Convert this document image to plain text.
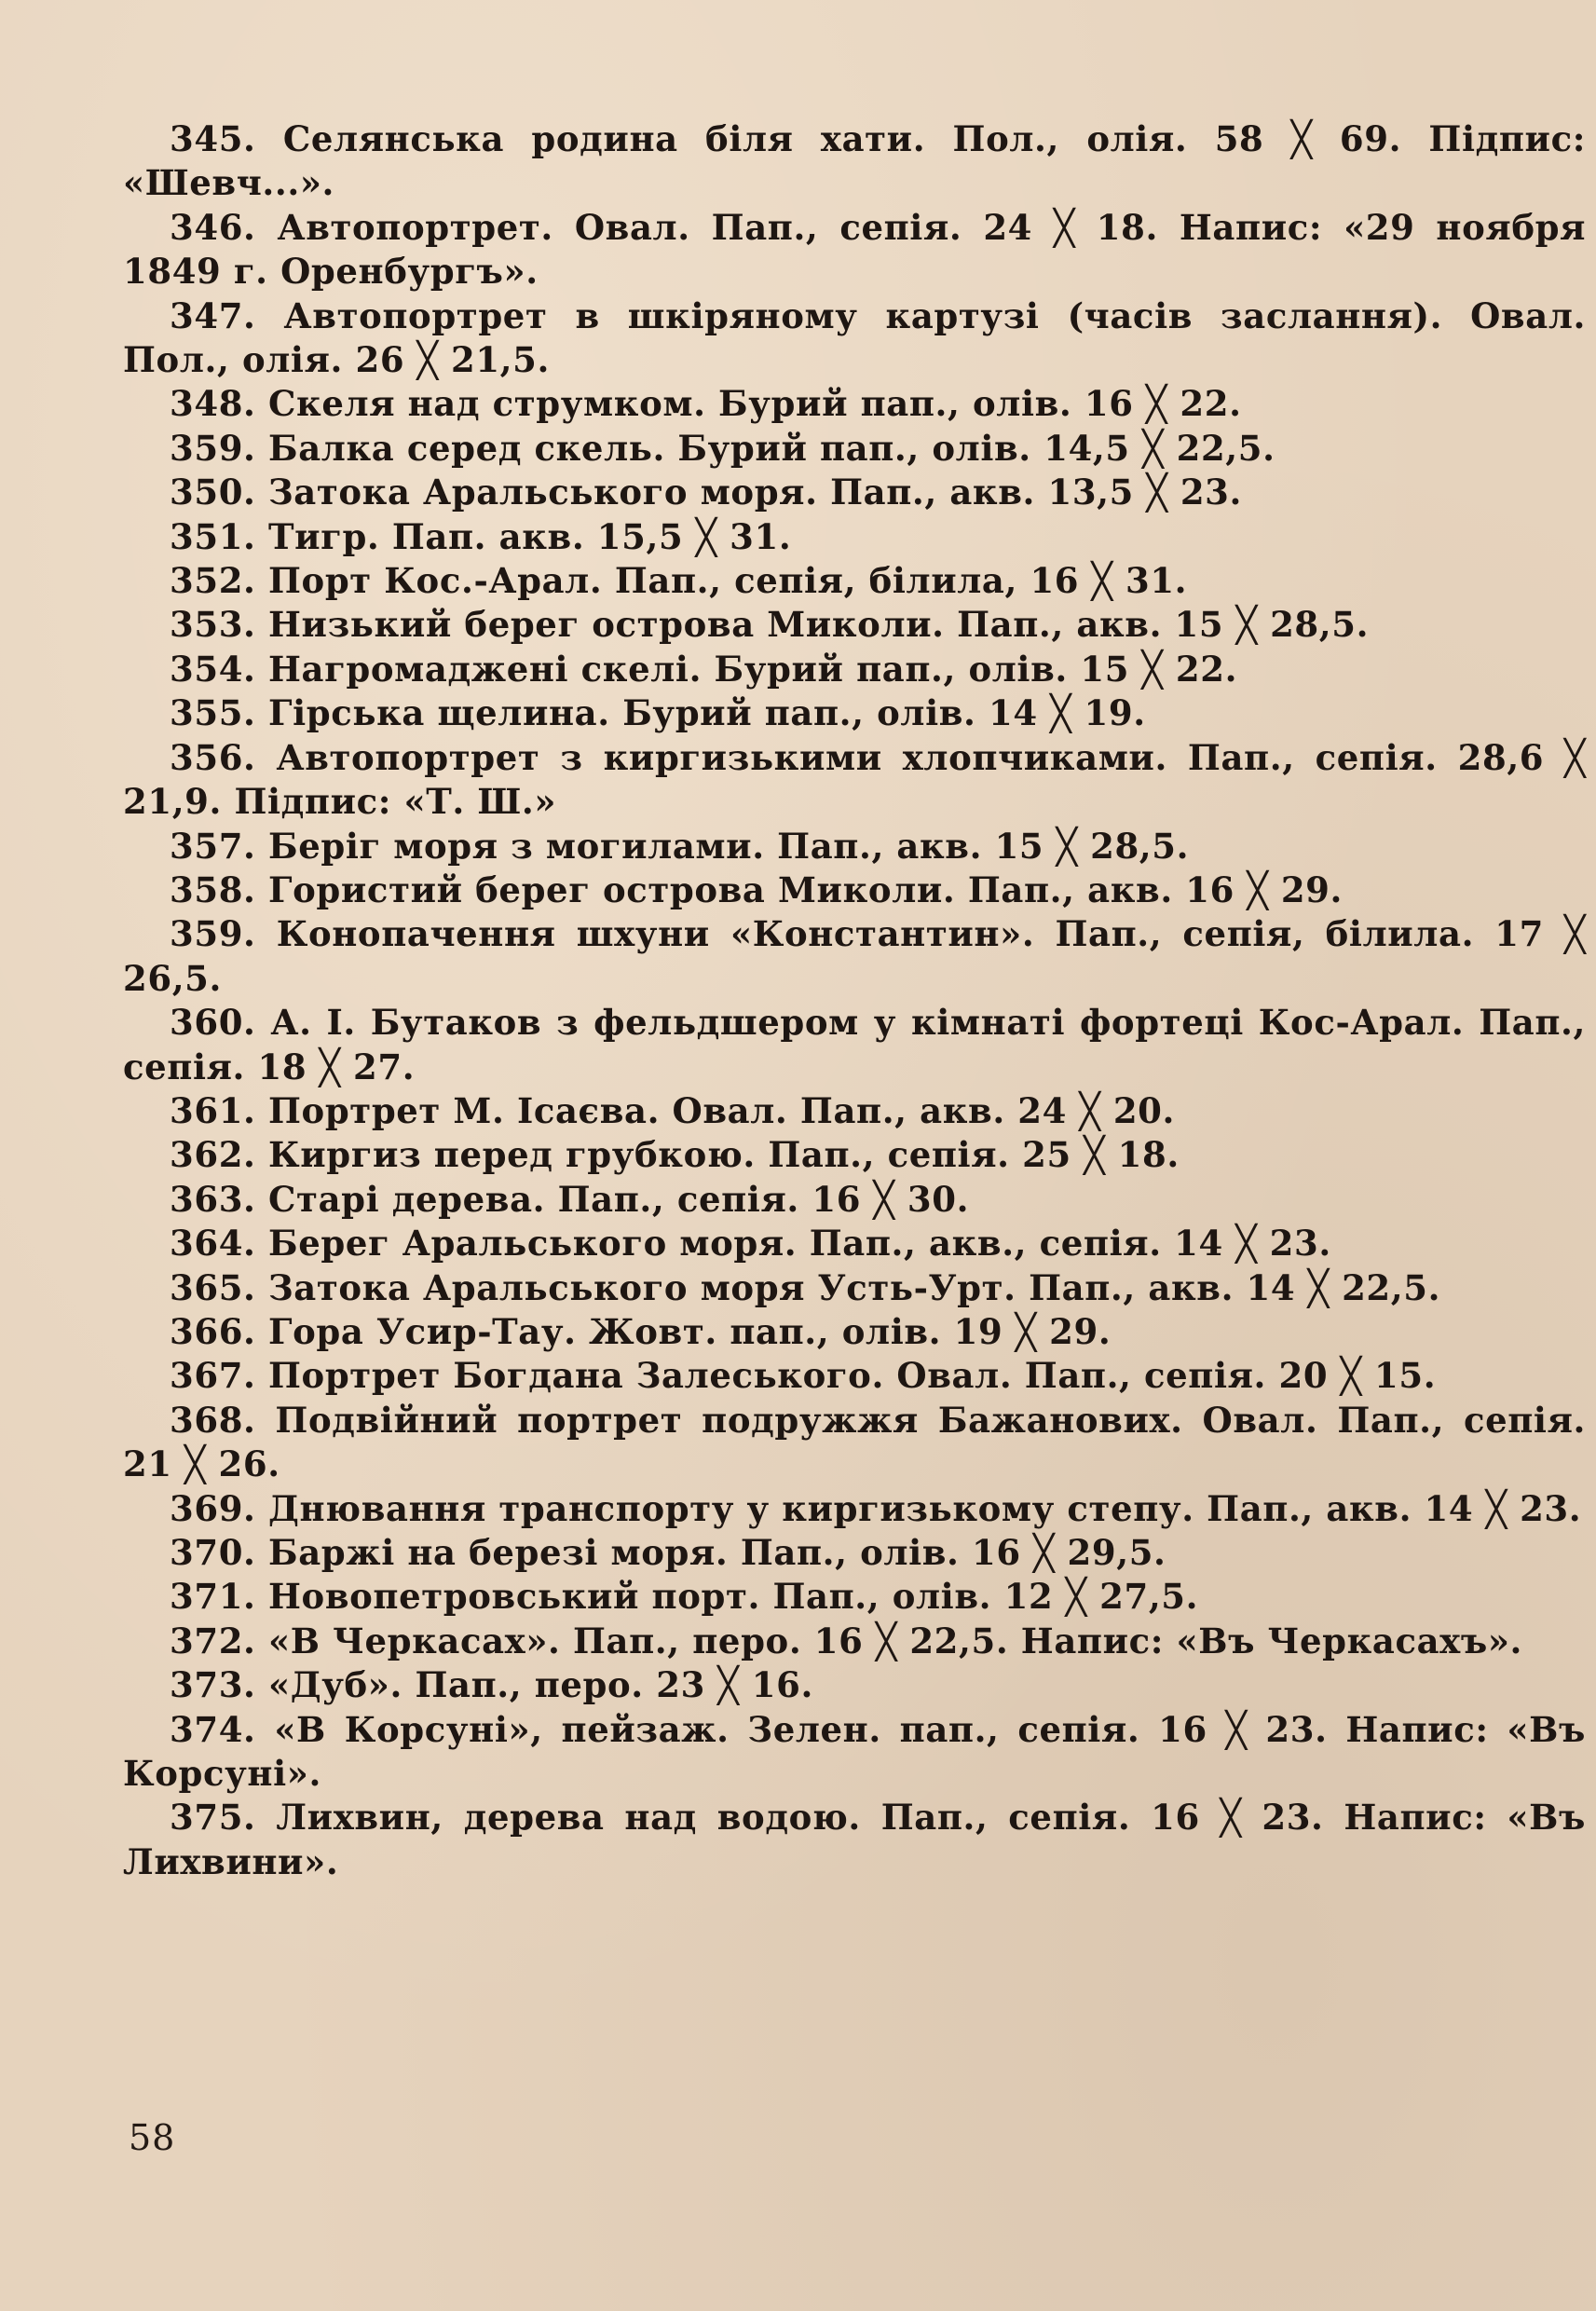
345. Селянська родина біля хати. Пол., олія. 58 ╳ 69. Підпис: «Шевч...».

346. Автопортрет. Овал. Пап., сепія. 24 ╳ 18. Напис: «29 ноября 1849 г. Оренбургъ».

347. Автопортрет в шкіряному картузі (часів заслання). Овал. Пол., олія. 26 ╳ 21,5.

348. Скеля над струмком. Бурий пап., олів. 16 ╳ 22.

359. Балка серед скель. Бурий пап., олів. 14,5 ╳ 22,5.

350. Затока Аральського моря. Пап., акв. 13,5 ╳ 23.

351. Тигр. Пап. акв. 15,5 ╳ 31.

352. Порт Кос.-Арал. Пап., сепія, білила, 16 ╳ 31.

353. Низький берег острова Миколи. Пап., акв. 15 ╳ 28,5.

354. Нагромаджені скелі. Бурий пап., олів. 15 ╳ 22.

355. Гірська щелина. Бурий пап., олів. 14 ╳ 19.

356. Автопортрет з киргизькими хлопчиками. Пап., сепія. 28,6 ╳ 21,9. Підпис: «Т. Ш.»

357. Беріг моря з могилами. Пап., акв. 15 ╳ 28,5.

358. Гористий берег острова Миколи. Пап., акв. 16 ╳ 29.

359. Конопачення шхуни «Константин». Пап., сепія, білила. 17 ╳ 26,5.

360. А. І. Бутаков з фельдшером у кімнаті фортеці Кос-Арал. Пап., сепія. 18 ╳ 27.

361. Портрет М. Ісаєва. Овал. Пап., акв. 24 ╳ 20.

362. Киргиз перед грубкою. Пап., сепія. 25 ╳ 18.

363. Старі дерева. Пап., сепія. 16 ╳ 30.

364. Берег Аральського моря. Пап., акв., сепія. 14 ╳ 23.

365. Затока Аральського моря Усть-Урт. Пап., акв. 14 ╳ 22,5.

366. Гора Усир-Тау. Жовт. пап., олів. 19 ╳ 29.

367. Портрет Богдана Залеського. Овал. Пап., сепія. 20 ╳ 15.

368. Подвійний портрет подружжя Бажанових. Овал. Пап., сепія. 21 ╳ 26.

369. Днювання транспорту у киргизькому степу. Пап., акв. 14 ╳ 23.

370. Баржі на березі моря. Пап., олів. 16 ╳ 29,5.

371. Новопетровський порт. Пап., олів. 12 ╳ 27,5.

372. «В Черкасах». Пап., перо. 16 ╳ 22,5. Напис: «Въ Черкасахъ».

373. «Дуб». Пап., перо. 23 ╳ 16.

374. «В Корсуні», пейзаж. Зелен. пап., сепія. 16 ╳ 23. Напис: «Въ Корсуні».

375. Лихвин, дерева над водою. Пап., сепія. 16 ╳ 23. Напис: «Въ Лихвини».

58
